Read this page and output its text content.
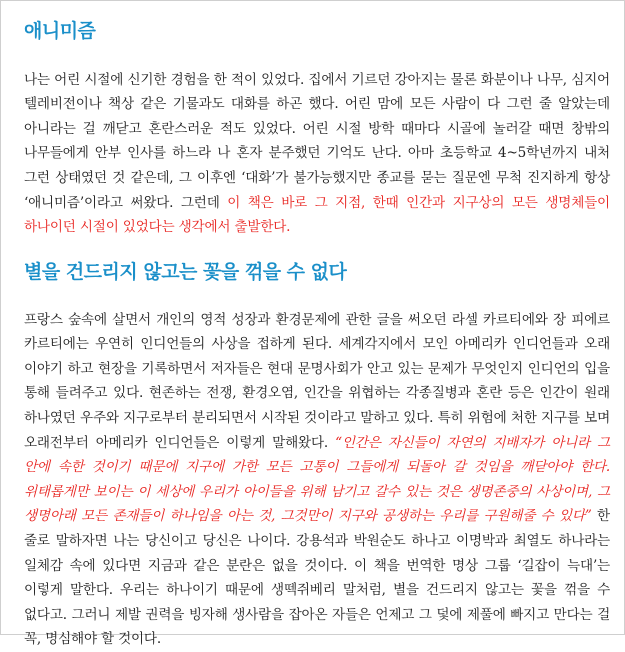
애니미즘

나는 어린 시절에 신기한 경험을 한 적이 있었다. 집에서 기르던 강아지는 물론 화분이나 나무, 심지어 텔레비전이나 책상 같은 기물과도 대화를 하곤 했다. 어린 맘에 모든 사람이 다 그런 줄 알았는데 아니라는 걸 깨닫고 혼란스러운 적도 있었다. 어린 시절 방학 때마다 시골에 놀러갈 때면 창밖의 나무들에게 안부 인사를 하느라 나 혼자 분주했던 기억도 난다. 아마 초등학교 4~5학년까지 내처 그런 상태였던 것 같은데, 그 이후엔 ‘대화’가 불가능했지만 종교를 묻는 질문엔 무척 진지하게 항상 ‘애니미즘’이라고 써왔다. 그런데 이 책은 바로 그 지점, 한때 인간과 지구상의 모든 생명체들이 하나이던 시절이 있었다는 생각에서 출발한다.

별을 건드리지 않고는 꽃을 꺾을 수 없다

프랑스 숲속에 살면서 개인의 영적 성장과 환경문제에 관한 글을 써오던 라셀 카르티에와 장 피에르 카르티에는 우연히 인디언들의 사상을 접하게 된다. 세계각지에서 모인 아메리카 인디언들과 오래 이야기 하고 현장을 기록하면서 저자들은 현대 문명사회가 안고 있는 문제가 무엇인지 인디언의 입을 통해 들려주고 있다. 현존하는 전쟁, 환경오염, 인간을 위협하는 각종질병과 혼란 등은 인간이 원래 하나였던 우주와 지구로부터 분리되면서 시작된 것이라고 말하고 있다. 특히 위험에 처한 지구를 보며 오래전부터 아메리카 인디언들은 이렇게 말해왔다. “인간은 자신들이 자연의 지배자가 아니라 그 안에 속한 것이기 때문에 지구에 가한 모든 고통이 그들에게 되돌아 갈 것임을 깨닫아야 한다. 위태롭게만 보이는 이 세상에 우리가 아이들을 위해 남기고 갈수 있는 것은 생명존중의 사상이며, 그 생명아래 모든 존재들이 하나임을 아는 것, 그것만이 지구와 공생하는 우리를 구원해줄 수 있다” 한 줄로 말하자면 나는 당신이고 당신은 나이다. 강용석과 박원순도 하나고 이명박과 최열도 하나라는 일체감 속에 있다면 지금과 같은 분란은 없을 것이다. 이 책을 번역한 명상 그룹 ‘길잡이 늑대’는 이렇게 말한다. 우리는 하나이기 때문에 생떽쥐베리 말처럼, 별을 건드리지 않고는 꽃을 꺾을 수 없다고. 그러니 제발 권력을 빙자해 생사람을 잡아온 자들은 언제고 그 덫에 제풀에 빠지고 만다는 걸 꼭, 명심해야 할 것이다.
